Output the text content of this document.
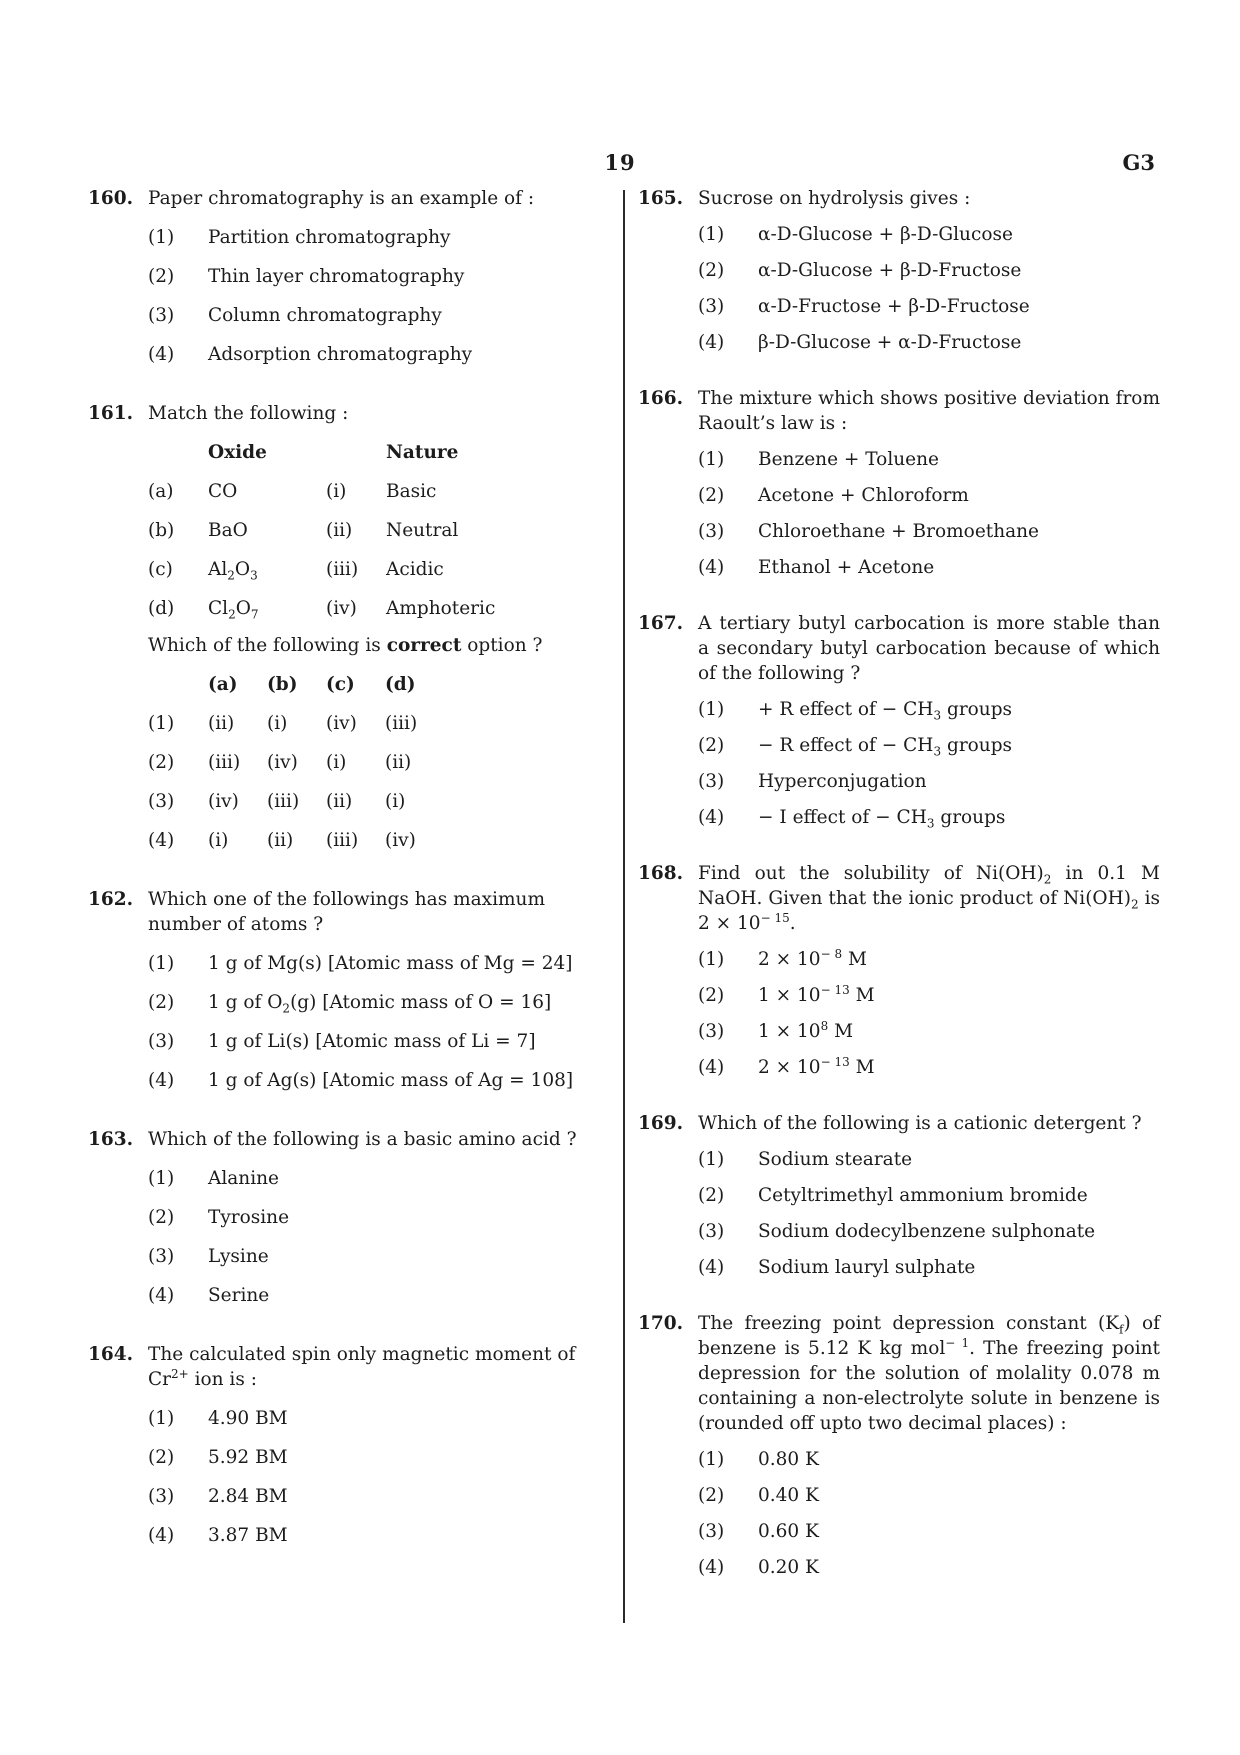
19	G3
160. Paper chromatography is an example of :
(1)	Partition chromatography
(2)	Thin layer chromatography
(3)	Column chromatography
(4)	Adsorption chromatography
161. Match the following :
Oxide	Nature
(a)	CO	(i)	Basic
(b)	BaO	(ii)	Neutral
(c)	$Al_2O_3$	(iii)	Acidic
(d)	$Cl_2O_7$	(iv)	Amphoteric
Which of the following is correct option ?
(a)	(b)	(c)	(d)
(1)	(ii)	(i)	(iv)	(iii)
(2)	(iii)	(iv)	(i)	(ii)
(3)	(iv)	(iii)	(ii)	(i)
(4)	(i)	(ii)	(iii)	(iv)
162. Which one of the followings has maximum number of atoms ?
(1)	1 g of Mg(s) [Atomic mass of Mg = 24]
(2)	1 g of $O_2(g)$ [Atomic mass of O = 16]
(3)	1 g of Li(s) [Atomic mass of Li = 7]
(4)	1 g of Ag(s) [Atomic mass of Ag = 108]
163. Which of the following is a basic amino acid ?
(1)	Alanine
(2)	Tyrosine
(3)	Lysine
(4)	Serine
164. The calculated spin only magnetic moment of $Cr^{2+}$ ion is :
(1)	4.90 BM
(2)	5.92 BM
(3)	2.84 BM
(4)	3.87 BM
165. Sucrose on hydrolysis gives :
(1)	α-D-Glucose + β-D-Glucose
(2)	α-D-Glucose + β-D-Fructose
(3)	α-D-Fructose + β-D-Fructose
(4)	β-D-Glucose + α-D-Fructose
166. The mixture which shows positive deviation from Raoult’s law is :
(1)	Benzene + Toluene
(2)	Acetone + Chloroform
(3)	Chloroethane + Bromoethane
(4)	Ethanol + Acetone
167. A tertiary butyl carbocation is more stable than a secondary butyl carbocation because of which of the following ?
(1)	+ R effect of − $CH_3$ groups
(2)	− R effect of − $CH_3$ groups
(3)	Hyperconjugation
(4)	− I effect of − $CH_3$ groups
168. Find out the solubility of $Ni(OH)_2$ in 0.1 M NaOH. Given that the ionic product of $Ni(OH)_2$ is $2 \times 10^{- 15}$.
(1)	$2 \times 10^{- 8}$ M
(2)	$1 \times 10^{- 13}$ M
(3)	$1 \times 10^8$ M
(4)	$2 \times 10^{- 13}$ M
169. Which of the following is a cationic detergent ?
(1)	Sodium stearate
(2)	Cetyltrimethyl ammonium bromide
(3)	Sodium dodecylbenzene sulphonate
(4)	Sodium lauryl sulphate
170. The freezing point depression constant $(K_f)$ of benzene is 5.12 K kg mol$^{- 1}$. The freezing point depression for the solution of molality 0.078 m containing a non-electrolyte solute in benzene is (rounded off upto two decimal places) :
(1)	0.80 K
(2)	0.40 K
(3)	0.60 K
(4)	0.20 K
